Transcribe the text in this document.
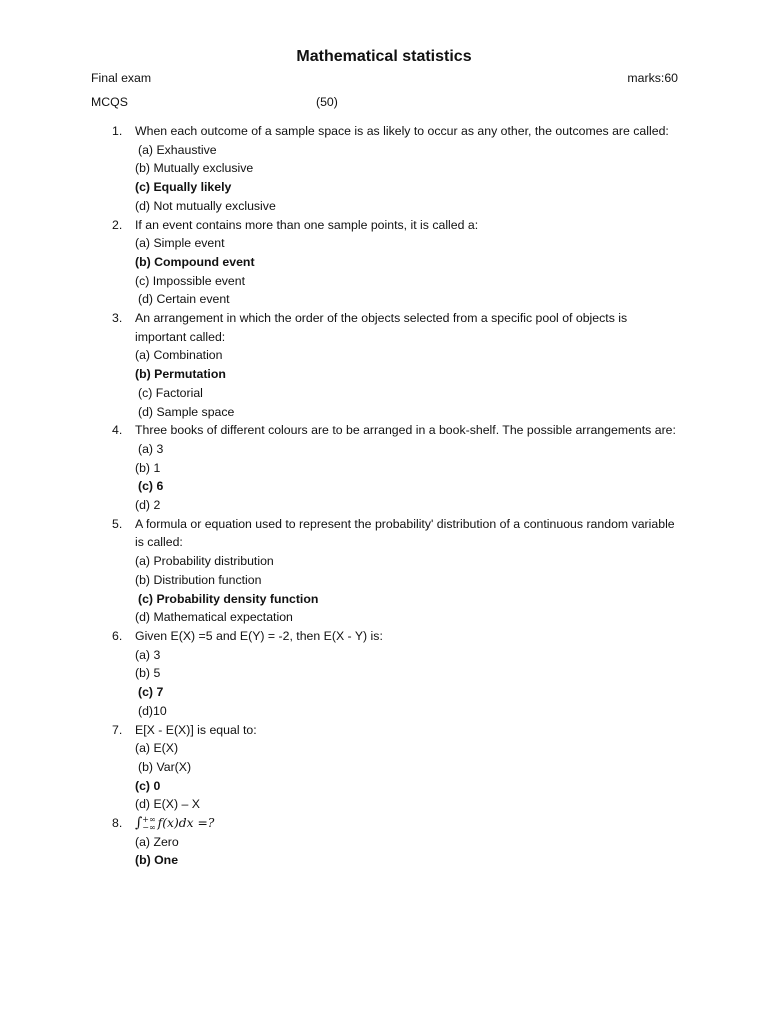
Mathematical statistics
Final exam	marks:60
MCQS	(50)
1. When each outcome of a sample space is as likely to occur as any other, the outcomes are called:
(a) Exhaustive
(b) Mutually exclusive
(c) Equally likely
(d) Not mutually exclusive
2. If an event contains more than one sample points, it is called a:
(a) Simple event
(b) Compound event
(c) Impossible event
(d) Certain event
3. An arrangement in which the order of the objects selected from a specific pool of objects is important called:
(a) Combination
(b) Permutation
(c) Factorial
(d) Sample space
4. Three books of different colours are to be arranged in a book-shelf. The possible arrangements are:
(a) 3
(b) 1
(c) 6
(d) 2
5. A formula or equation used to represent the probability' distribution of a continuous random variable is called:
(a) Probability distribution
(b) Distribution function
(c) Probability density function
(d) Mathematical expectation
6. Given E(X) =5 and E(Y) = -2, then E(X - Y) is:
(a) 3
(b) 5
(c) 7
(d)10
7. E[X - E(X)] is equal to:
(a) E(X)
(b) Var(X)
(c) 0
(d) E(X) – X
8. ∫ +∞
−∞ f(x)dx =?
(a) Zero
(b) One
